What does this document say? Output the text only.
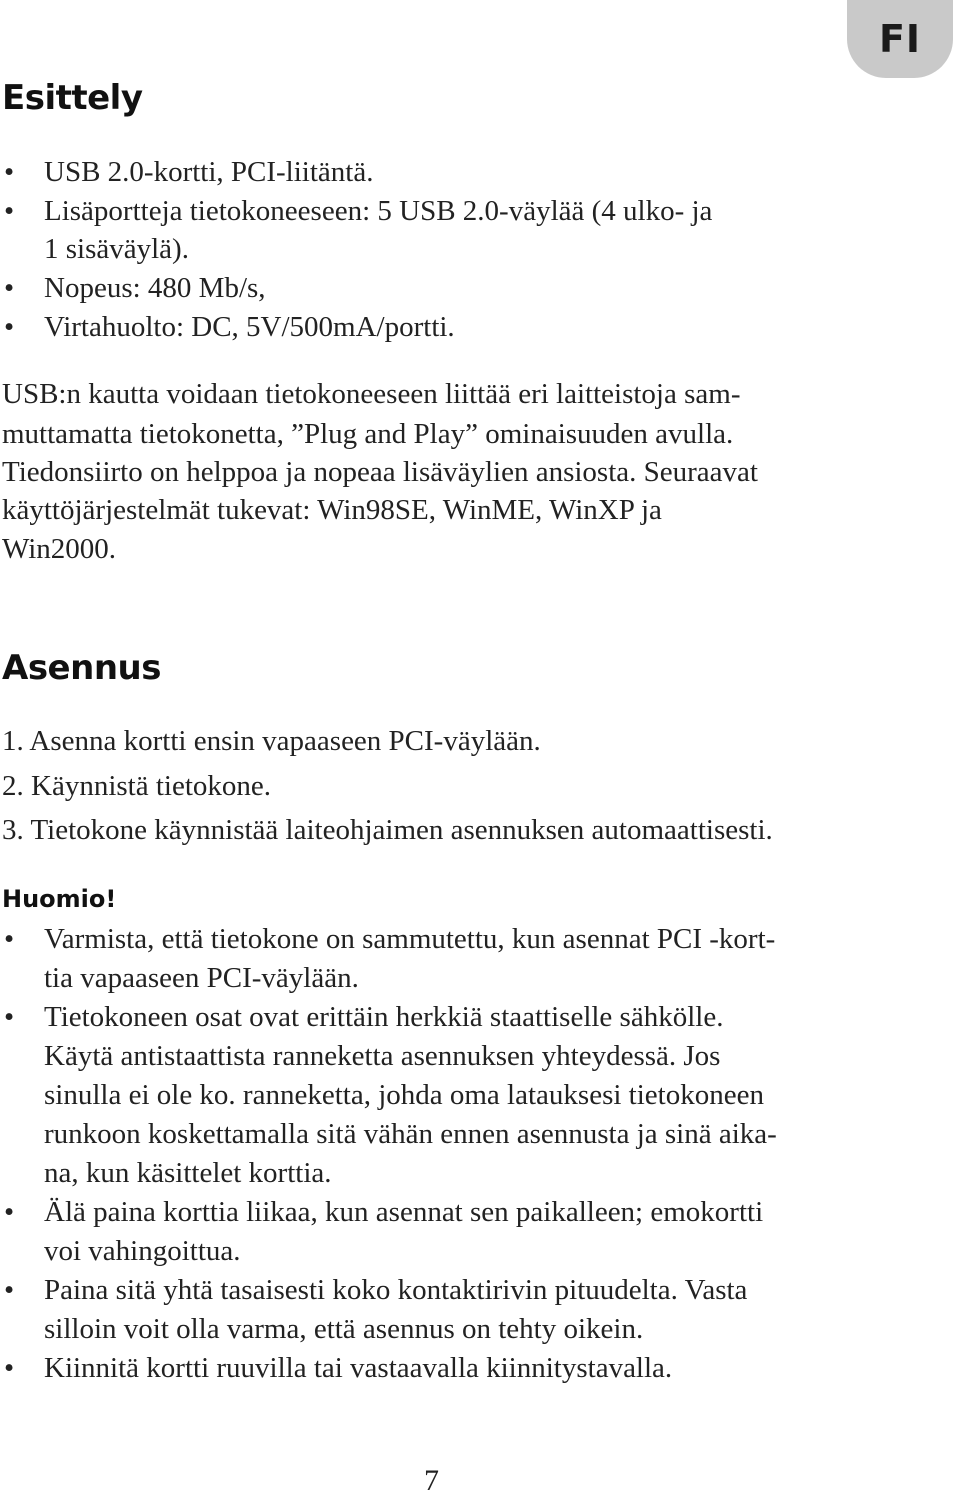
FI
Esittely
• USB 2.0-kortti, PCI-liitäntä.
• Lisäportteja tietokoneeseen: 5 USB 2.0-väylää (4 ulko- ja
1 sisäväylä).
• Nopeus: 480 Mb/s,
• Virtahuolto: DC, 5V/500mA/portti.
USB:n kautta voidaan tietokoneeseen liittää eri laitteistoja sam-
muttamatta tietokonetta, ”Plug and Play” ominaisuuden avulla.
Tiedonsiirto on helppoa ja nopeaa lisäväylien ansiosta. Seuraavat
käyttöjärjestelmät tukevat: Win98SE, WinME, WinXP ja
Win2000.
Asennus
1. Asenna kortti ensin vapaaseen PCI-väylään.
2. Käynnistä tietokone.
3. Tietokone käynnistää laiteohjaimen asennuksen automaattisesti.
Huomio!
• Varmista, että tietokone on sammutettu, kun asennat PCI -kort-
tia vapaaseen PCI-väylään.
• Tietokoneen osat ovat erittäin herkkiä staattiselle sähkölle.
Käytä antistaattista ranneketta asennuksen yhteydessä. Jos
sinulla ei ole ko. ranneketta, johda oma latauksesi tietokoneen
runkoon koskettamalla sitä vähän ennen asennusta ja sinä aika-
na, kun käsittelet korttia.
• Älä paina korttia liikaa, kun asennat sen paikalleen; emokortti
voi vahingoittua.
• Paina sitä yhtä tasaisesti koko kontaktirivin pituudelta. Vasta
silloin voit olla varma, että asennus on tehty oikein.
• Kiinnitä kortti ruuvilla tai vastaavalla kiinnitystavalla.
7
